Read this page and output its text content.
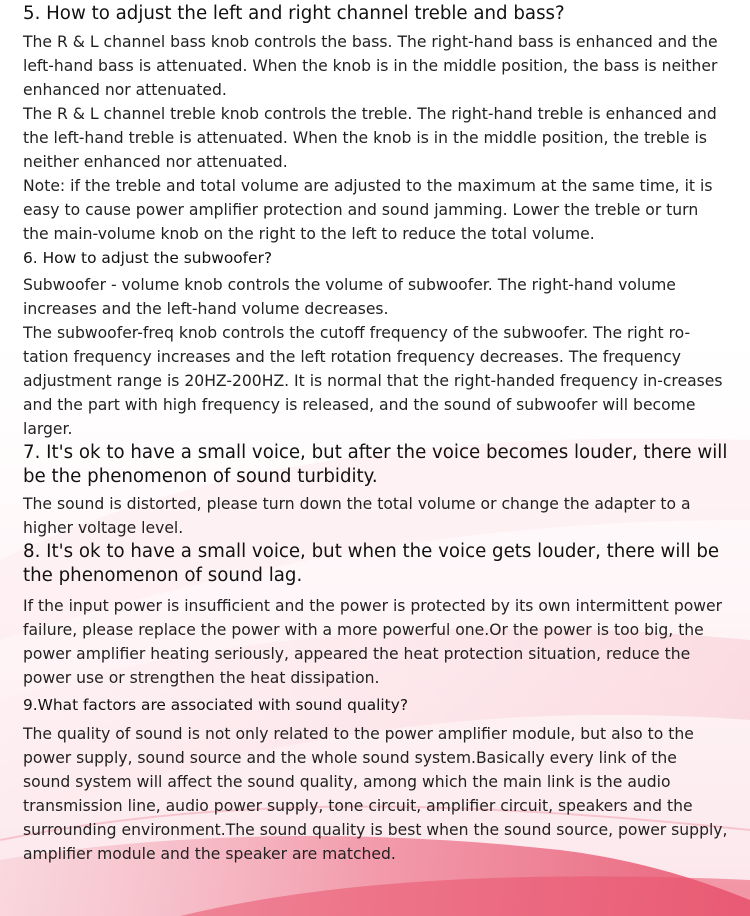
5. How to adjust the left and right channel treble and bass?

The R & L channel bass knob controls the bass. The right-hand bass is enhanced and the left-hand bass is attenuated. When the knob is in the middle position, the bass is neither enhanced nor attenuated.

The R & L channel treble knob controls the treble. The right-hand treble is enhanced and the left-hand treble is attenuated. When the knob is in the middle position, the treble is neither enhanced nor attenuated.

Note: if the treble and total volume are adjusted to the maximum at the same time, it is easy to cause power amplifier protection and sound jamming. Lower the treble or turn the main-volume knob on the right to the left to reduce the total volume.

6. How to adjust the subwoofer?

Subwoofer - volume knob controls the volume of subwoofer. The right-hand volume increases and the left-hand volume decreases.

The subwoofer-freq knob controls the cutoff frequency of the subwoofer. The right ro-tation frequency increases and the left rotation frequency decreases. The frequency adjustment range is 20HZ-200HZ. It is normal that the right-handed frequency in-creases and the part with high frequency is released, and the sound of subwoofer will become larger.

7. It's ok to have a small voice, but after the voice becomes louder, there will be the phenomenon of sound turbidity.

The sound is distorted, please turn down the total volume or change the adapter to a higher voltage level.

8. It's ok to have a small voice, but when the voice gets louder, there will be the phenomenon of sound lag.

If the input power is insufficient and the power is protected by its own intermittent power failure, please replace the power with a more powerful one.Or the power is too big, the power amplifier heating seriously, appeared the heat protection situation, reduce the power use or strengthen the heat dissipation.

9.What factors are associated with sound quality?

The quality of sound is not only related to the power amplifier module, but also to the power supply, sound source and the whole sound system.Basically every link of the sound system will affect the sound quality, among which the main link is the audio transmission line, audio power supply, tone circuit, amplifier circuit, speakers and the surrounding environment.The sound quality is best when the sound source, power supply, amplifier module and the speaker are matched.
